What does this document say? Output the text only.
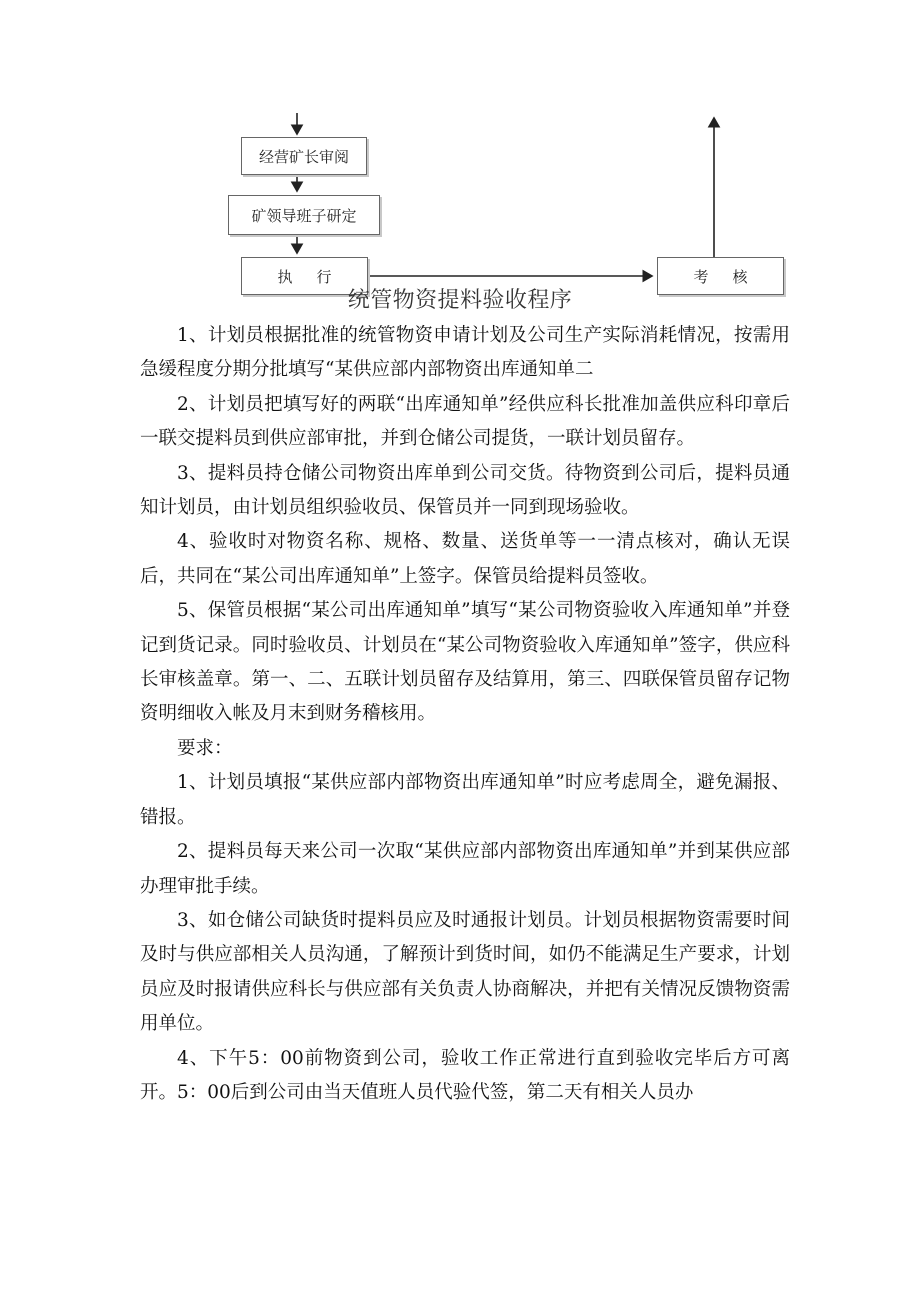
经营矿长审阅
矿领导班子研定
执行	考核
统管物资提料验收程序

1、计划员根据批准的统管物资申请计划及公司生产实际消耗情况，按需用急缓程度分期分批填写“某供应部内部物资出库通知单二

2、计划员把填写好的两联“出库通知单”经供应科长批准加盖供应科印章后一联交提料员到供应部审批，并到仓储公司提货，一联计划员留存。

3、提料员持仓储公司物资出库单到公司交货。待物资到公司后，提料员通知计划员，由计划员组织验收员、保管员并一同到现场验收。

4、验收时对物资名称、规格、数量、送货单等一一清点核对，确认无误后，共同在“某公司出库通知单”上签字。保管员给提料员签收。

5、保管员根据“某公司出库通知单”填写“某公司物资验收入库通知单”并登记到货记录。同时验收员、计划员在“某公司物资验收入库通知单”签字，供应科长审核盖章。第一、二、五联计划员留存及结算用，第三、四联保管员留存记物资明细收入帐及月末到财务稽核用。

要求：

1、计划员填报“某供应部内部物资出库通知单”时应考虑周全，避免漏报、错报。

2、提料员每天来公司一次取“某供应部内部物资出库通知单”并到某供应部办理审批手续。

3、如仓储公司缺货时提料员应及时通报计划员。计划员根据物资需要时间及时与供应部相关人员沟通，了解预计到货时间，如仍不能满足生产要求，计划员应及时报请供应科长与供应部有关负责人协商解决，并把有关情况反馈物资需用单位。

4、下午5：00前物资到公司，验收工作正常进行直到验收完毕后方可离开。5：00后到公司由当天值班人员代验代签，第二天有相关人员办
